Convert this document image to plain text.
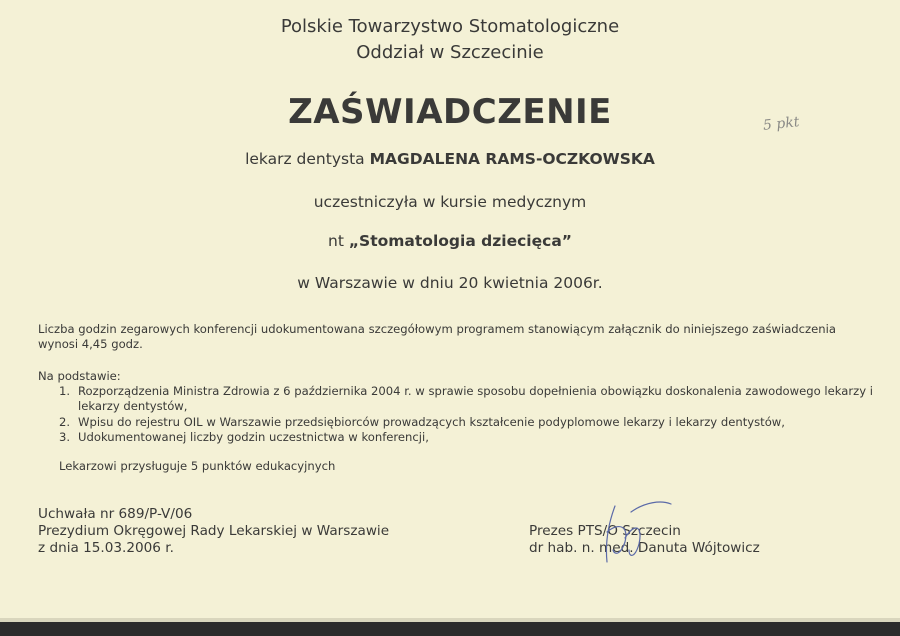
Polskie Towarzystwo Stomatologiczne
Oddział w Szczecinie
ZAŚWIADCZENIE
lekarz dentysta MAGDALENA RAMS-OCZKOWSKA
uczestniczyła w kursie medycznym
nt „Stomatologia dziecięca”
w Warszawie w dniu 20 kwietnia 2006r.
Liczba godzin zegarowych konferencji udokumentowana szczegółowym programem stanowiącym załącznik do niniejszego zaświadczenia
wynosi 4,45 godz.
Na podstawie:
1. Rozporządzenia Ministra Zdrowia z 6 października 2004 r. w sprawie sposobu dopełnienia obowiązku doskonalenia zawodowego lekarzy i
lekarzy dentystów,
2. Wpisu do rejestru OIL w Warszawie przedsiębiorców prowadzących kształcenie podyplomowe lekarzy i lekarzy dentystów,
3. Udokumentowanej liczby godzin uczestnictwa w konferencji,
Lekarzowi przysługuje 5 punktów edukacyjnych
Uchwała nr 689/P-V/06
Prezydium Okręgowej Rady Lekarskiej w Warszawie
z dnia 15.03.2006 r.
Prezes PTS/O Szczecin
dr hab. n. med. Danuta Wójtowicz
5 pkt
